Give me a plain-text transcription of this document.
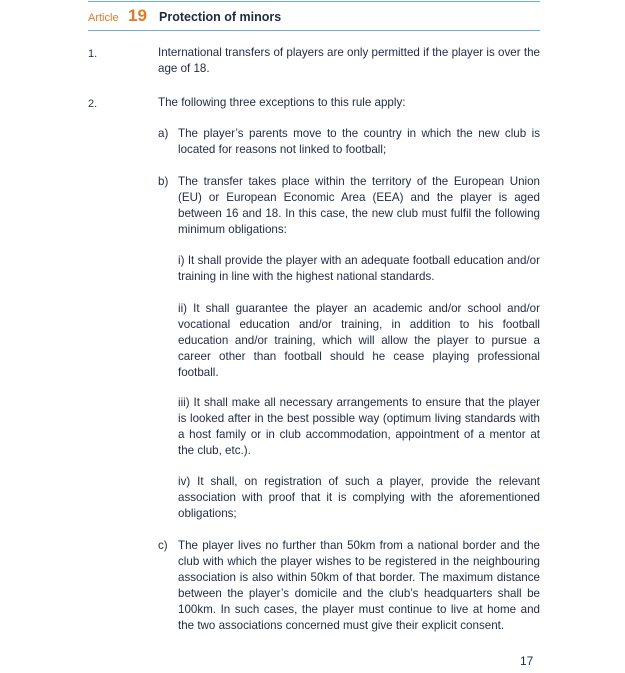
Article 19 Protection of minors
1.	International transfers of players are only permitted if the player is over the age of 18.
2.	The following three exceptions to this rule apply:
a) The player’s parents move to the country in which the new club is located for reasons not linked to football;
b) The transfer takes place within the territory of the European Union (EU) or European Economic Area (EEA) and the player is aged between 16 and 18. In this case, the new club must fulfil the following minimum obligations:
i) It shall provide the player with an adequate football education and/or training in line with the highest national standards.
ii) It shall guarantee the player an academic and/or school and/or vocational education and/or training, in addition to his football education and/or training, which will allow the player to pursue a career other than football should he cease playing professional football.
iii) It shall make all necessary arrangements to ensure that the player is looked after in the best possible way (optimum living standards with a host family or in club accommodation, appointment of a mentor at the club, etc.).
iv) It shall, on registration of such a player, provide the relevant association with proof that it is complying with the aforementioned obligations;
c) The player lives no further than 50km from a national border and the club with which the player wishes to be registered in the neighbouring association is also within 50km of that border. The maximum distance between the player’s domicile and the club’s headquarters shall be 100km. In such cases, the player must continue to live at home and the two associations concerned must give their explicit consent.
17
